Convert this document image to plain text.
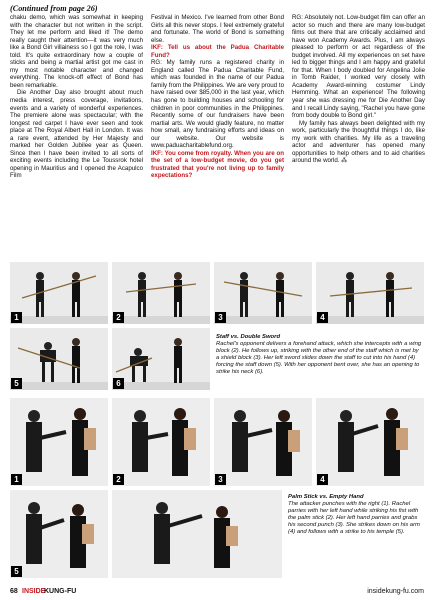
(Continued from page 26)

chaku demo, which was somewhat in keeping with the character but not written in the script. They let me perform and liked it! The demo really caught their attention—it was very much like a Bond Girl villainess so I got the role, I was told. It's quite extraordinary how a couple of sticks and being a martial artist got me cast in my most notable character and changed everything. The knock-off effect of Bond has been remarkable.

Die Another Day also brought about much media interest, press coverage, invitations, events and a variety of wonderful experiences. The premiere alone was spectacular; with the longest red carpet I have ever seen and took place at The Royal Albert Hall in London. It was a rare event, attended by Her Majesty and marked her Golden Jubilee year as Queen. Since then I have been invited to all sorts of exciting events including the Le Toussrok hotel opening in Mauritius and I opened the Acapulco Film

Festival in Mexico. I've learned from other Bond Girls all this never stops. I feel extremely grateful and fortunate. The world of Bond is something else.

IKF: Tell us about the Padua Charitable Fund?

RG: My family runs a registered charity in England called The Padua Charitable Fund, which was founded in the name of our Padua family from the Philippines. We are very proud to have raised over $85,000 in the last year, which has gone to building houses and schooling for children in poor communities in the Philippines. Recently some of our fundraisers have been martial arts. We would gladly feature, no matter how small, any fundraising efforts and ideas on our website. Our website is www.paduacharitablefund.org.

IKF: You come from royalty. When you are on the set of a low-budget movie, do you get frustrated that you're not living up to family expectations?

RG: Absolutely not. Low-budget film can offer an actor so much and there are many low-budget films out there that are critically acclaimed and have won Academy Awards. Plus, I am always pleased to perform or act regardless of the budget involved. All my experiences on set have led to bigger things and I am happy and grateful for that. When I body doubled for Angelina Jolie in Tomb Raider, I worked very closely with Academy Award-winning costumer Lindy Hemming. What an experience! The following year she was dressing me for Die Another Day and I recall Lindy saying, "Rachel you have gone from body double to Bond girl."

My family has always been delighted with my work, particularly the thoughtful things I do, like my work with charities. My life as a traveling actor and adventurer has opened many opportunities to help others and to aid charities around the world. ⁂

1	2	3	4
5	6
Staff vs. Double Sword
Rachel's opponent delivers a forehand attack, which she intercepts with a wing block (2). He follows up, striking with the other end of the staff which is met by a shield block (3). Her left sword slides down the staff to cut into his hand (4) forcing the staff down (5). With her opponent bent over, she has an opening to strike his neck (6).
1	2	3	4
5
Palm Stick vs. Empty Hand
The attacker punches with the right (1). Rachel parries with her left hand while striking his fist with the palm stick (2). Her left hand parries and grabs his second punch (3). She strikes down on his arm (4) and follows with a strike to his temple (5).
68 INSIDE
KUNG-FU	insidekung-fu.com
